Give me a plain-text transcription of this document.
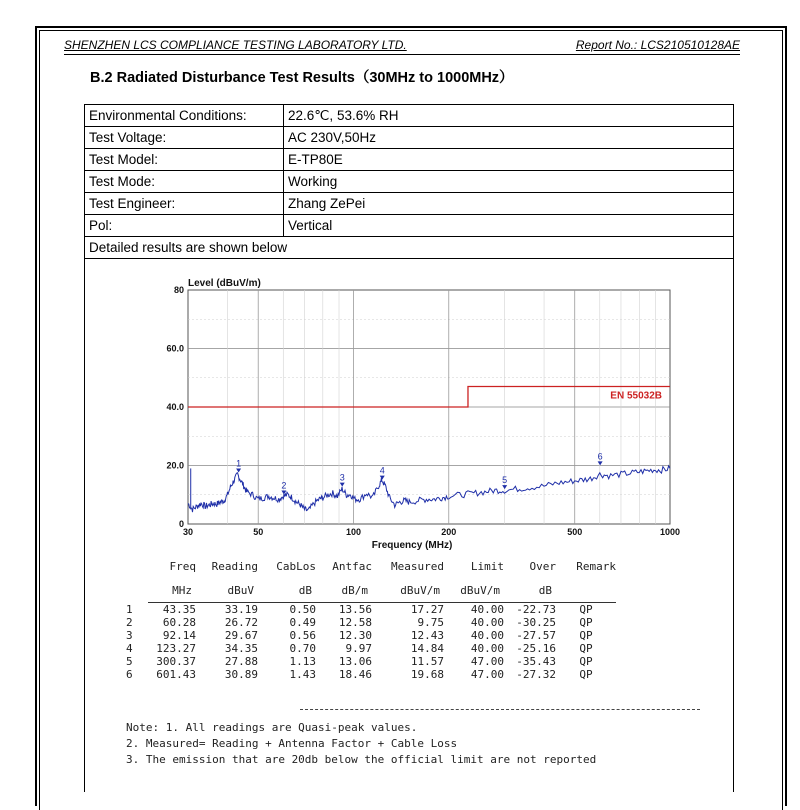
SHENZHEN LCS COMPLIANCE TESTING LABORATORY LTD.	Report No.: LCS210510128AE
B.2 Radiated Disturbance Test Results（30MHz to 1000MHz）
Environmental Conditions:	22.6℃, 53.6% RH
Test Voltage:	AC 230V,50Hz
Test Model:	E-TP80E
Test Mode:	Working
Test Engineer:	Zhang ZePei
Pol:	Vertical
Detailed results are shown below	
Level (dBuV/m)
Frequency (MHz)
EN 55032B
1
2
3
4
5
6
0
20.0
40.0
60.0
80
30	50	100	200	500	1000
	Freq	Reading	CabLos	Antfac	Measured	Limit	Over	Remark
	MHz	dBuV	dB	dB/m	dBuV/m	dBuV/m	dB	
1	43.35	33.19	0.50	13.56	17.27	40.00	-22.73	QP
2	60.28	26.72	0.49	12.58	9.75	40.00	-30.25	QP
3	92.14	29.67	0.56	12.30	12.43	40.00	-27.57	QP
4	123.27	34.35	0.70	9.97	14.84	40.00	-25.16	QP
5	300.37	27.88	1.13	13.06	11.57	47.00	-35.43	QP
6	601.43	30.89	1.43	18.46	19.68	47.00	-27.32	QP
Note: 1. All readings are Quasi-peak values.
2. Measured= Reading + Antenna Factor + Cable Loss
3. The emission that are 20db below the official limit are not reported
